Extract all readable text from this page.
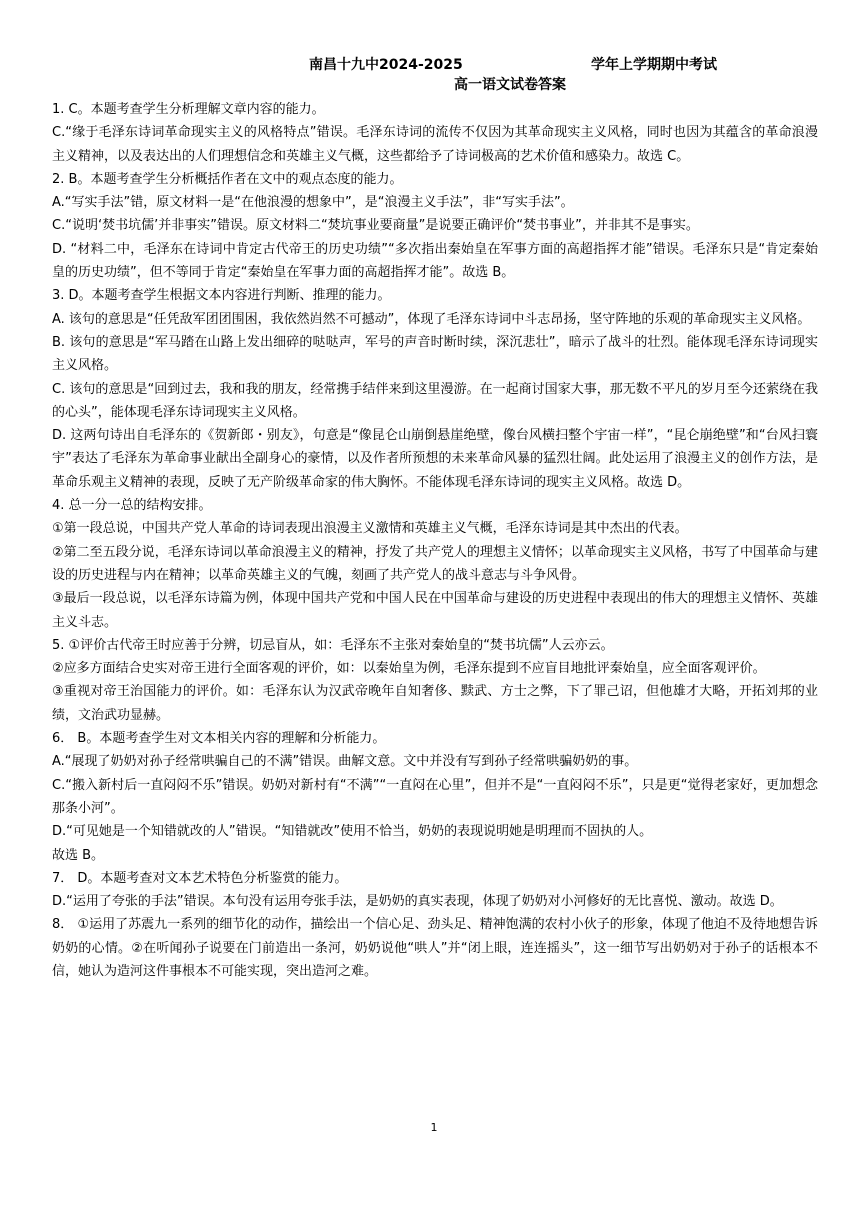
南昌十九中2024-2025	学年上学期期中考试
高一语文试卷答案

1. C。本题考查学生分析理解文章内容的能力。

C.“缘于毛泽东诗词革命现实主义的风格特点”错误。毛泽东诗词的流传不仅因为其革命现实主义风格，同时也因为其蕴含的革命浪漫主义精神，以及表达出的人们理想信念和英雄主义气概，这些都给予了诗词极高的艺术价值和感染力。故选 C。

2. B。本题考查学生分析概括作者在文中的观点态度的能力。

A.“写实手法”错，原文材料一是“在他浪漫的想象中”，是“浪漫主义手法”，非“写实手法”。

C.“说明‘焚书坑儒’并非事实”错误。原文材料二“焚坑事业要商量”是说要正确评价“焚书事业”，并非其不是事实。

D. “材料二中，毛泽东在诗词中肯定古代帝王的历史功绩”“多次指出秦始皇在军事方面的高超指挥才能”错误。毛泽东只是“肯定秦始皇的历史功绩”，但不等同于肯定“秦始皇在军事力面的高超指挥才能”。故选 B。

3. D。本题考查学生根据文本内容进行判断、推理的能力。

A. 该句的意思是“任凭敌军团团围困，我依然岿然不可撼动”，体现了毛泽东诗词中斗志昂扬，坚守阵地的乐观的革命现实主义风格。

B. 该句的意思是“军马踏在山路上发出细碎的哒哒声，军号的声音时断时续，深沉悲壮”，暗示了战斗的壮烈。能体现毛泽东诗词现实主义风格。

C. 该句的意思是“回到过去，我和我的朋友，经常携手结伴来到这里漫游。在一起商讨国家大事，那无数不平凡的岁月至今还萦绕在我的心头”，能体现毛泽东诗词现实主义风格。

D. 这两句诗出自毛泽东的《贺新郎・别友》，句意是“像昆仑山崩倒悬崖绝壁，像台风横扫整个宇宙一样”，“昆仑崩绝壁”和“台风扫寰宇”表达了毛泽东为革命事业献出全副身心的豪情，以及作者所预想的未来革命风暴的猛烈壮阔。此处运用了浪漫主义的创作方法，是革命乐观主义精神的表现，反映了无产阶级革命家的伟大胸怀。不能体现毛泽东诗词的现实主义风格。故选 D。

4. 总一分一总的结构安排。

①第一段总说，中国共产党人革命的诗词表现出浪漫主义激情和英雄主义气概，毛泽东诗词是其中杰出的代表。

②第二至五段分说，毛泽东诗词以革命浪漫主义的精神，抒发了共产党人的理想主义情怀；以革命现实主义风格，书写了中国革命与建设的历史进程与内在精神；以革命英雄主义的气魄，刻画了共产党人的战斗意志与斗争风骨。

③最后一段总说，以毛泽东诗篇为例，体现中国共产党和中国人民在中国革命与建设的历史进程中表现出的伟大的理想主义情怀、英雄主义斗志。

5. ①评价古代帝王时应善于分辨，切忌盲从，如：毛泽东不主张对秦始皇的“焚书坑儒”人云亦云。

②应多方面结合史实对帝王进行全面客观的评价，如：以秦始皇为例，毛泽东提到不应盲目地批评秦始皇，应全面客观评价。

③重视对帝王治国能力的评价。如：毛泽东认为汉武帝晚年自知奢侈、黩武、方士之弊，下了罪己诏，但他雄才大略，开拓刘邦的业绩，文治武功显赫。

6． B。本题考查学生对文本相关内容的理解和分析能力。

A.“展现了奶奶对孙子经常哄骗自己的不满”错误。曲解文意。文中并没有写到孙子经常哄骗奶奶的事。

C.“搬入新村后一直闷闷不乐”错误。奶奶对新村有“不满”“一直闷在心里”，但并不是“一直闷闷不乐”，只是更“觉得老家好，更加想念那条小河”。

D.“可见她是一个知错就改的人”错误。“知错就改”使用不恰当，奶奶的表现说明她是明理而不固执的人。

故选 B。

7． D。本题考查对文本艺术特色分析鉴赏的能力。

D.“运用了夸张的手法”错误。本句没有运用夸张手法，是奶奶的真实表现，体现了奶奶对小河修好的无比喜悦、激动。故选 D。

8． ①运用了苏震九一系列的细节化的动作，描绘出一个信心足、劲头足、精神饱满的农村小伙子的形象，体现了他迫不及待地想告诉奶奶的心情。②在听闻孙子说要在门前造出一条河，奶奶说他“哄人”并“闭上眼，连连摇头”，这一细节写出奶奶对于孙子的话根本不信，她认为造河这件事根本不可能实现，突出造河之难。

1
